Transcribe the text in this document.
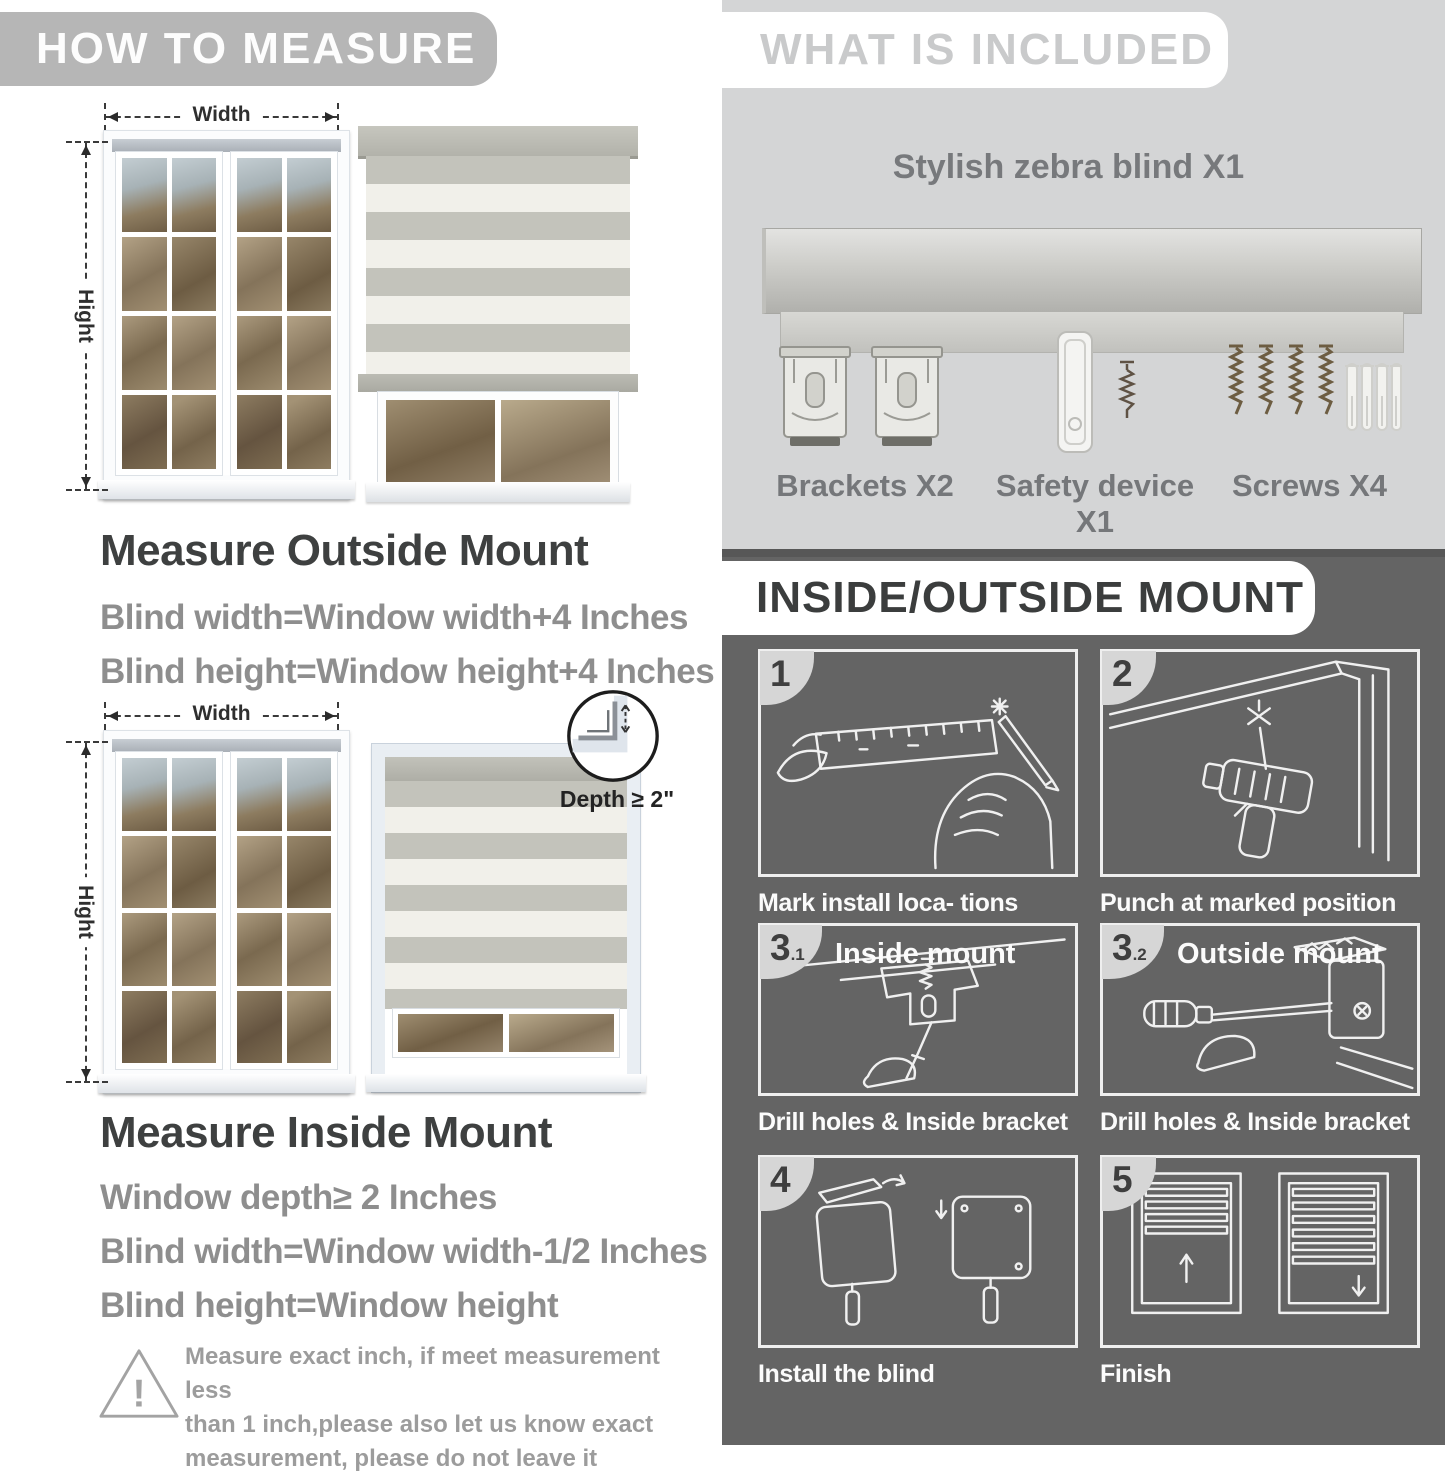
HOW TO MEASURE
Width
Hight
Measure Outside Mount
Blind width=Window width+4 Inches
Blind height=Window height+4 Inches
Width
Hight
Depth ≥ 2"
Measure Inside Mount
Window depth≥ 2 Inches
Blind width=Window width-1/2 Inches
Blind height=Window height
!
Measure exact inch, if meet measurement less
than 1 inch,please also let us know exact
measurement, please do not leave it
WHAT IS INCLUDED
Stylish zebra blind X1
Brackets X2	Safety device X1
Screws X4
INSIDE/OUTSIDE MOUNT
1
Mark install loca- tions
2
Punch at marked position
3 .1 Inside mount
Drill holes & Inside bracket
3 .2 Outside mount
Drill holes & Inside bracket
4
Install the blind
5
Finish
